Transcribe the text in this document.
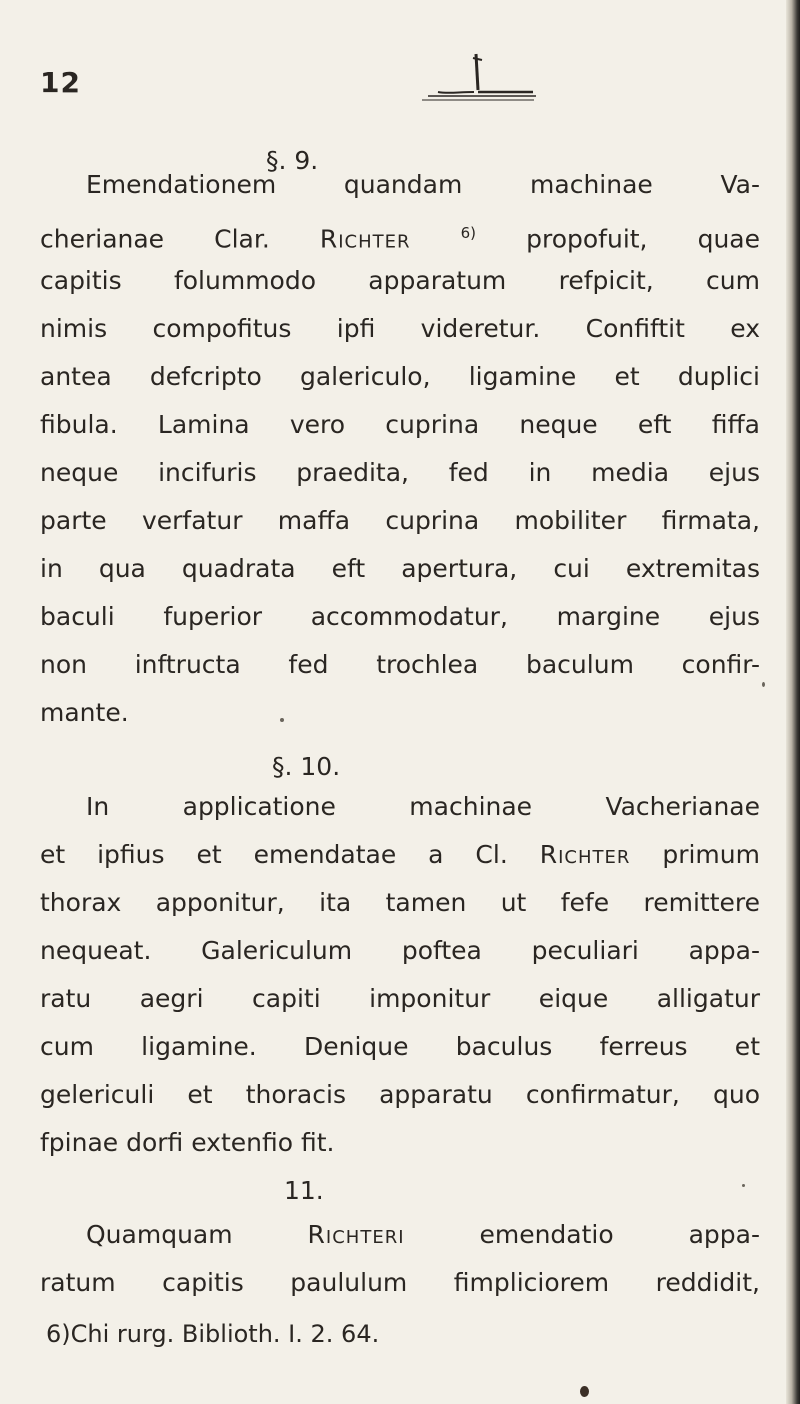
12
§. 9.
Emendationem quandam machinae Va-
cherianae Clar. Richter	$^{6)}$ propofuit, quae
capitis folummodo apparatum refpicit, cum
nimis compofitus ipfi videretur. Confiftit ex
antea defcripto galericulo, ligamine et duplici
fibula. Lamina vero cuprina neque eft fiffa
neque incifuris praedita, fed in media ejus
parte verfatur maffa cuprina mobiliter firmata,
in qua quadrata eft apertura, cui extremitas
baculi fuperior accommodatur, margine ejus
non inftructa fed trochlea baculum confir-
mante.
§. 10.
In applicatione machinae Vacherianae
et ipfius et emendatae a Cl. Richter primum
thorax apponitur, ita tamen ut fefe remittere
nequeat. Galericulum poftea peculiari appa-
ratu aegri capiti imponitur eique alligatur
cum ligamine. Denique baculus ferreus et
gelericuli et thoracis apparatu confirmatur, quo
fpinae dorfi extenfio fit.
11.
Quamquam	Richteri	emendatio appa-
ratum capitis paululum fimpliciorem reddidit,
6)Chi rurg. Biblioth. I. 2. 64.
